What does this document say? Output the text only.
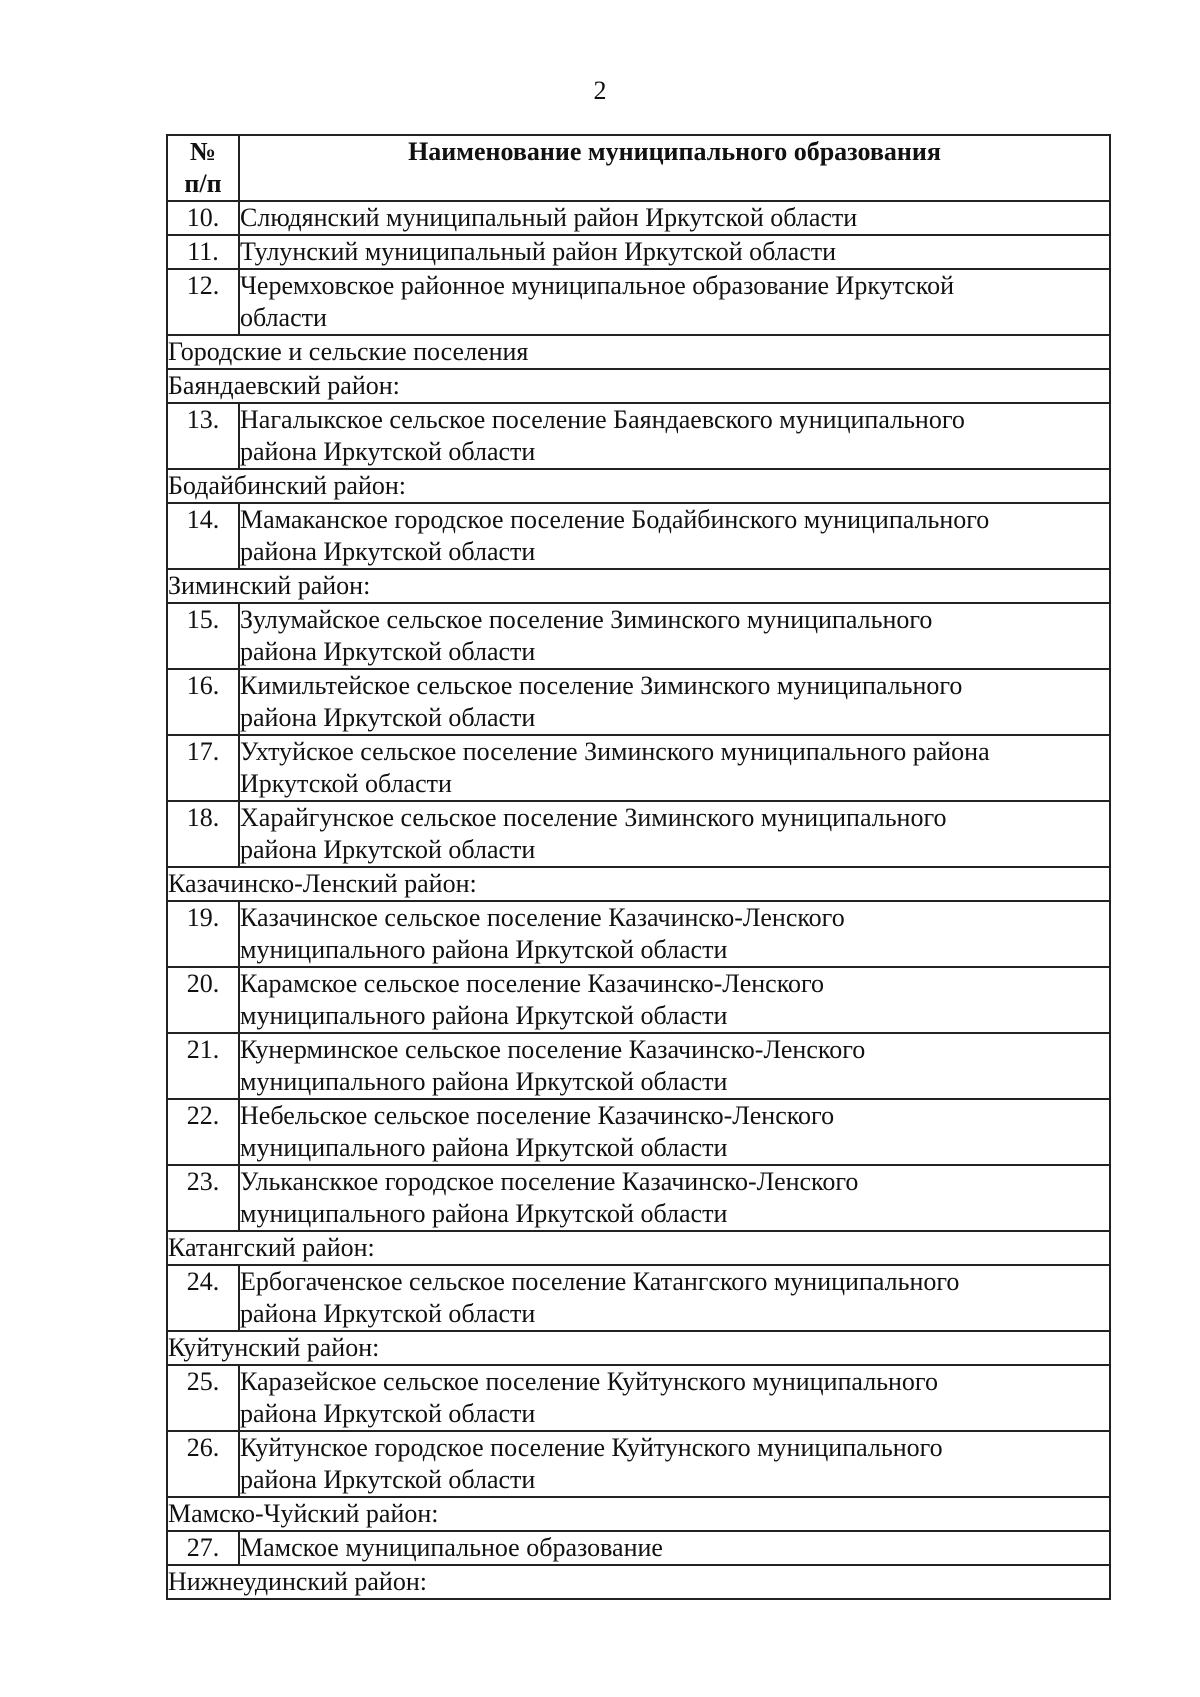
2
№
п/п	Наименование муниципального образования
10.	Слюдянский муниципальный район Иркутской области

11.	Тулунский муниципальный район Иркутской области

12.	Черемховское районное муниципальное образование Иркутской
области

Городские и сельские поселения	
Баяндаевский район:	
13.	Нагалыкское сельское поселение Баяндаевского муниципального
района Иркутской области

Бодайбинский район:	
14.	Мамаканское городское поселение Бодайбинского муниципального
района Иркутской области

Зиминский район:	
15.	Зулумайское сельское поселение Зиминского муниципального
района Иркутской области

16.	Кимильтейское сельское поселение Зиминского муниципального
района Иркутской области

17.	Ухтуйское сельское поселение Зиминского муниципального района
Иркутской области

18.	Харайгунское сельское поселение Зиминского муниципального
района Иркутской области

Казачинско-Ленский район:	
19.	Казачинское сельское поселение Казачинско-Ленского
муниципального района Иркутской области

20.	Карамское сельское поселение Казачинско-Ленского
муниципального района Иркутской области

21.	Кунерминское сельское поселение Казачинско-Ленского
муниципального района Иркутской области

22.	Небельское сельское поселение Казачинско-Ленского
муниципального района Иркутской области

23.	Улькансккое городское поселение Казачинско-Ленского
муниципального района Иркутской области

Катангский район:	
24.	Ербогаченское сельское поселение Катангского муниципального
района Иркутской области

Куйтунский район:	
25.	Каразейское сельское поселение Куйтунского муниципального
района Иркутской области

26.	Куйтунское городское поселение Куйтунского муниципального
района Иркутской области

Мамско-Чуйский район:	
27.	Мамское муниципальное образование

Нижнеудинский район:	
